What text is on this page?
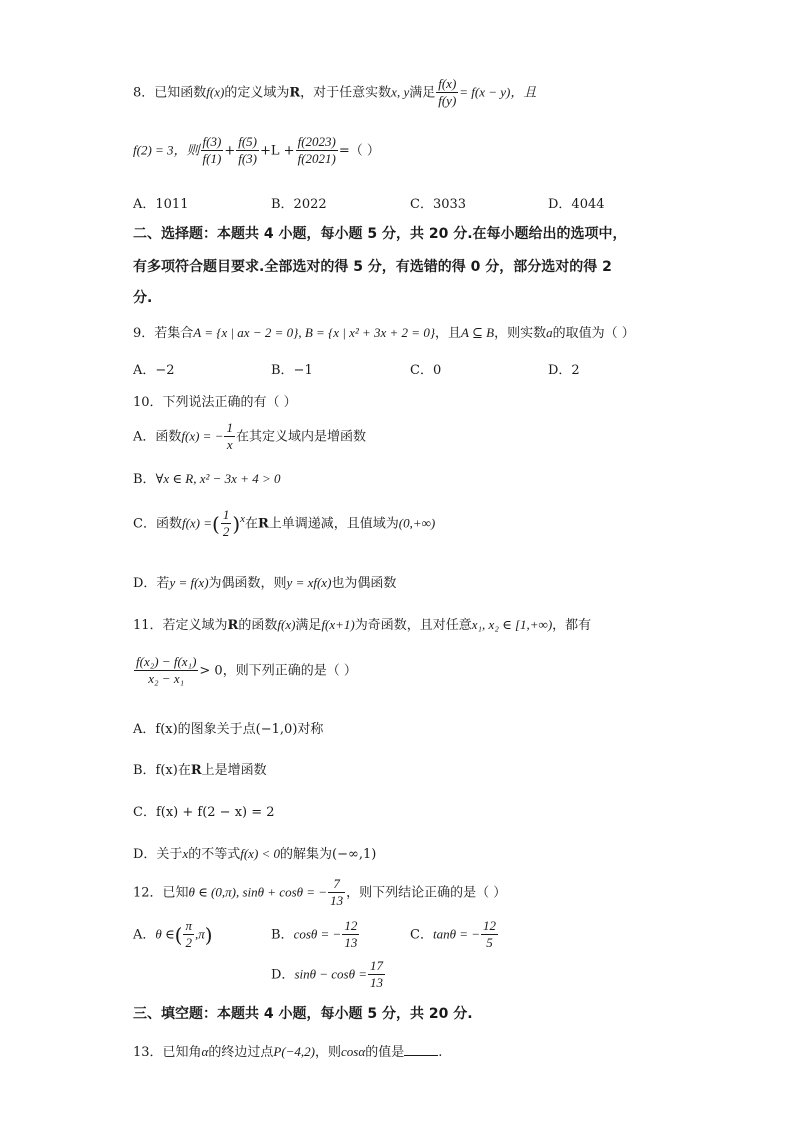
8．已知函数f(x)的定义域为R，对于任意实数x, y满足 $\frac{f(x)}{f(y)} = f(x - y)$，且
f(2) = 3，则 $\frac{f(3)}{f(1)} + \frac{f(5)}{f(3)} +L + \frac{f(2023)}{f(2021)}$ =（ ）
A．1011	B．2022	C．3033	D．4044
二、选择题：本题共 4 小题，每小题 5 分，共 20 分.在每小题给出的选项中，
有多项符合题目要求.全部选对的得 5 分，有选错的得 0 分，部分选对的得 2
分.
9．若集合A = {x | ax − 2 = 0}, B = {x | x² + 3x + 2 = 0}，且A ⊆ B，则实数a的取值为（ ）
A．−2	B．−1	C．0	D．2
10．下列说法正确的有（ ）
A．函数f(x) = − $\frac{1}{x}$ 在其定义域内是增函数
B．∀x ∈ R, x² − 3x + 4 > 0
C．函数f(x) =( $\frac{1}{2} )^x$在R上单调递减，且值域为(0,+∞)
D．若y = f(x)为偶函数，则y = xf(x)也为偶函数
11．若定义域为R的函数f(x)满足f(x+1)为奇函数，且对任意x₁, x₂ ∈ [1,+∞)，都有
$\frac{\text{f(x₂) − f(x₁)}}{\text{x₂ − x₁}} > 0$，则下列正确的是（ ）
A．f(x)的图象关于点(−1,0)对称
B．f(x)在R上是增函数
C．f(x) + f(2 − x) = 2
D．关于x的不等式f(x) < 0的解集为(−∞,1)
12．已知θ ∈ (0,π), sinθ + cosθ = − $\frac{7}{13}$ ，则下列结论正确的是（ ）
A．θ ∈( $\frac{\pi}{2} ,\pi$)	B．cosθ = − $\frac{12}{13}$	C．tanθ = − $\frac{12}{5}$
D．$\sin\theta - \cos\theta = \frac{17}{13}$
三、填空题：本题共 4 小题，每小题 5 分，共 20 分.
13．已知角α的终边过点P(−4,2)，则cosα的值是	.
